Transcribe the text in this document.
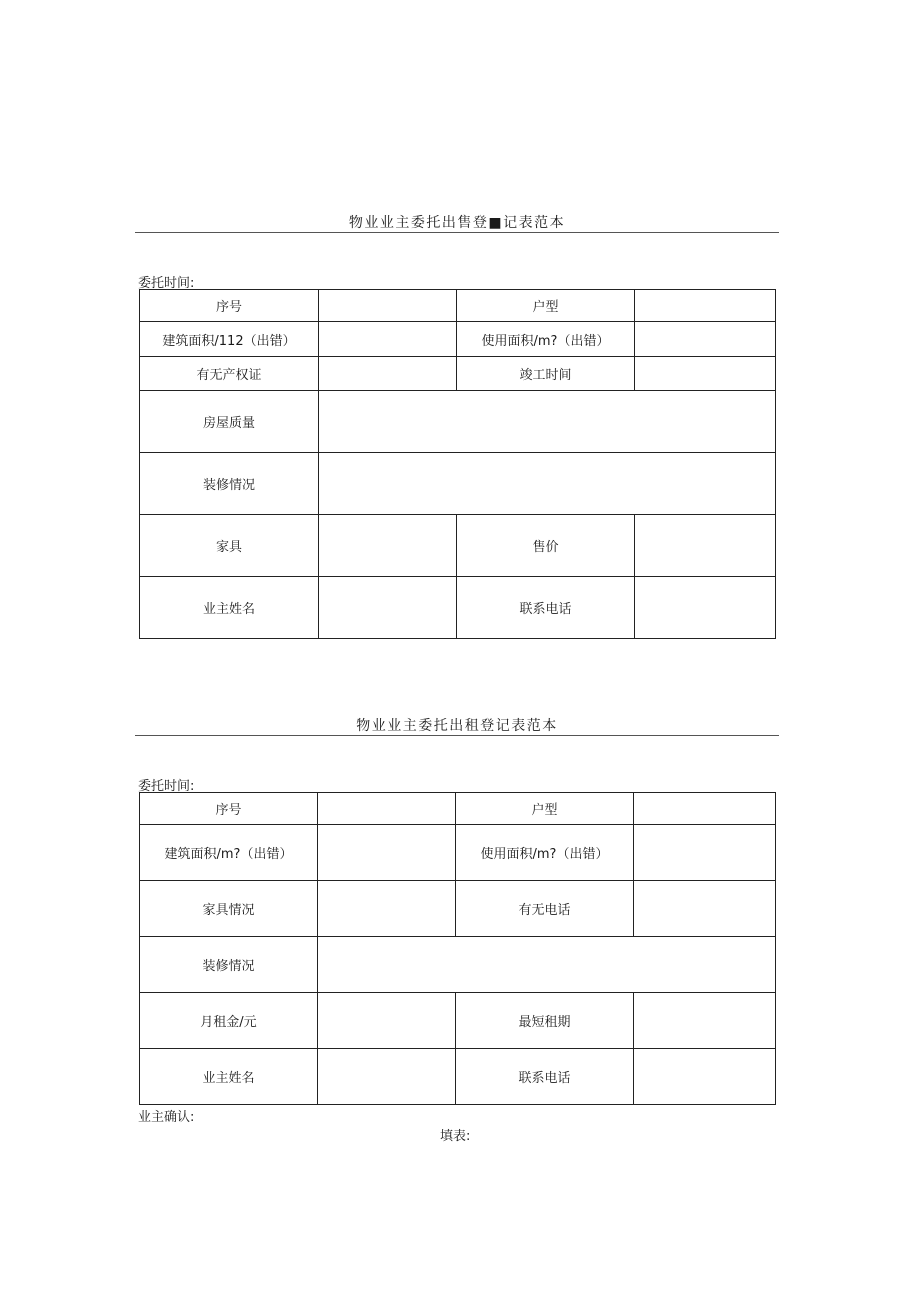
物业业主委托出售登■记表范本
委托时间:
序号		户型	
建筑面积/112（出错）		使用面积/m?（出错）	
有无产权证		竣工时间	
房屋质量			
装修情况			
家具		售价	
业主姓名		联系电话	
物业业主委托出租登记表范本
委托时间:
序号		户型	
建筑面积/m?（出错）		使用面积/m?（出错）	
家具情况		有无电话	
装修情况			
月租金/元		最短租期	
业主姓名		联系电话	
业主确认:
填表:
